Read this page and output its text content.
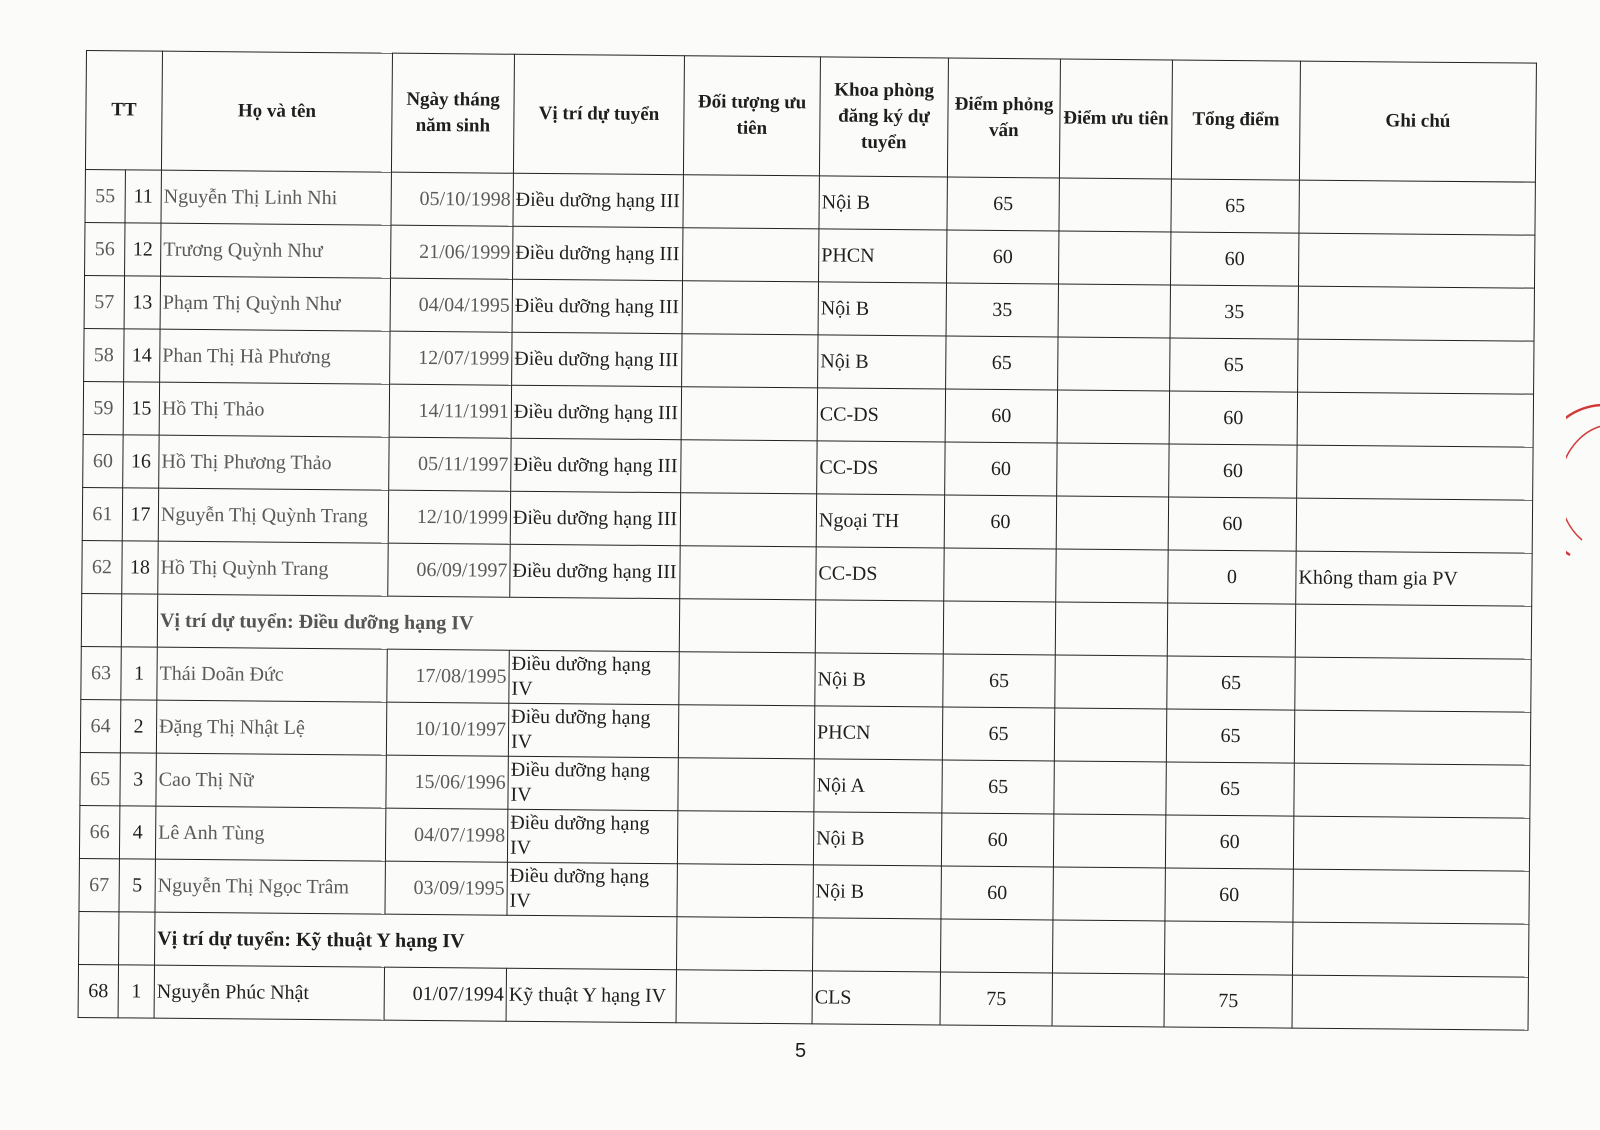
TT		Họ và tên	Ngày tháng năm sinh	Vị trí dự tuyển	Đối tượng ưu tiên	Khoa phòng đăng ký dự tuyển	Điểm phỏng vấn	Điểm ưu tiên	Tổng điểm	Ghi chú
55	11	Nguyễn Thị Linh Nhi	05/10/1998	Điều dưỡng hạng III		Nội B	65		65	
56	12	Trương Quỳnh Như	21/06/1999	Điều dưỡng hạng III		PHCN	60		60	
57	13	Phạm Thị Quỳnh Như	04/04/1995	Điều dưỡng hạng III		Nội B	35		35	
58	14	Phan Thị Hà Phương	12/07/1999	Điều dưỡng hạng III		Nội B	65		65	
59	15	Hồ Thị Thảo	14/11/1991	Điều dưỡng hạng III		CC-DS	60		60	
60	16	Hồ Thị Phương Thảo	05/11/1997	Điều dưỡng hạng III		CC-DS	60		60	
61	17	Nguyễn Thị Quỳnh Trang	12/10/1999	Điều dưỡng hạng III		Ngoại TH	60		60	
62	18	Hồ Thị Quỳnh Trang	06/09/1997	Điều dưỡng hạng III		CC-DS			0	Không tham gia PV
		Vị trí dự tuyển: Điều dưỡng hạng IV								
63	1	Thái Doãn Đức	17/08/1995	Điều dưỡng hạng IV		Nội B	65		65	
64	2	Đặng Thị Nhật Lệ	10/10/1997	Điều dưỡng hạng IV		PHCN	65		65	
65	3	Cao Thị Nữ	15/06/1996	Điều dưỡng hạng IV		Nội A	65		65	
66	4	Lê Anh Tùng	04/07/1998	Điều dưỡng hạng IV		Nội B	60		60	
67	5	Nguyễn Thị Ngọc Trâm	03/09/1995	Điều dưỡng hạng IV		Nội B	60		60	
		Vị trí dự tuyển: Kỹ thuật Y hạng IV								
68	1	Nguyễn Phúc Nhật	01/07/1994	Kỹ thuật Y hạng IV		CLS	75		75	
5
